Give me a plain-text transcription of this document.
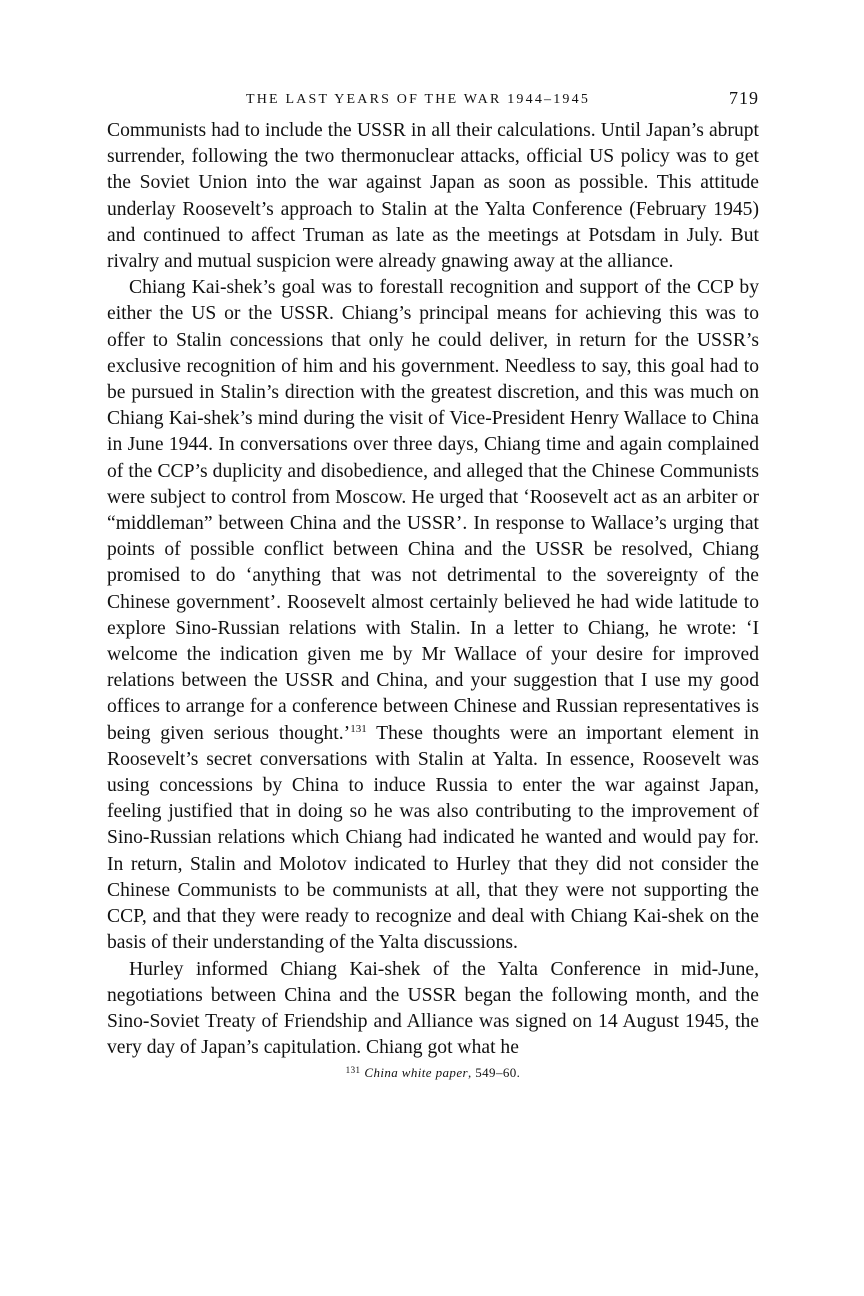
THE LAST YEARS OF THE WAR 1944–1945	719

Communists had to include the USSR in all their calculations. Until Japan’s abrupt surrender, following the two thermonuclear attacks, official US policy was to get the Soviet Union into the war against Japan as soon as possible. This attitude underlay Roosevelt’s approach to Stalin at the Yalta Conference (February 1945) and continued to affect Truman as late as the meetings at Potsdam in July. But rivalry and mutual suspicion were already gnawing away at the alliance.

Chiang Kai-shek’s goal was to forestall recognition and support of the CCP by either the US or the USSR. Chiang’s principal means for achieving this was to offer to Stalin concessions that only he could deliver, in return for the USSR’s exclusive recognition of him and his government. Needless to say, this goal had to be pursued in Stalin’s direction with the greatest discretion, and this was much on Chiang Kai-shek’s mind during the visit of Vice-President Henry Wallace to China in June 1944. In conversations over three days, Chiang time and again complained of the CCP’s duplicity and disobedience, and alleged that the Chinese Communists were subject to control from Moscow. He urged that ‘Roosevelt act as an arbiter or “middleman” between China and the USSR’. In response to Wallace’s urging that points of possible conflict between China and the USSR be resolved, Chiang promised to do ‘anything that was not detrimental to the sovereignty of the Chinese government’. Roosevelt almost certainly believed he had wide latitude to explore Sino-Russian relations with Stalin. In a letter to Chiang, he wrote: ‘I welcome the indication given me by Mr Wallace of your desire for improved relations between the USSR and China, and your suggestion that I use my good offices to arrange for a conference between Chinese and Russian representatives is being given serious thought.’$^{131}$ These thoughts were an important element in Roosevelt’s secret conversations with Stalin at Yalta. In essence, Roosevelt was using concessions by China to induce Russia to enter the war against Japan, feeling justified that in doing so he was also contributing to the improvement of Sino-Russian relations which Chiang had indicated he wanted and would pay for. In return, Stalin and Molotov indicated to Hurley that they did not consider the Chinese Communists to be communists at all, that they were not supporting the CCP, and that they were ready to recognize and deal with Chiang Kai-shek on the basis of their understanding of the Yalta discussions.

Hurley informed Chiang Kai-shek of the Yalta Conference in mid-June, negotiations between China and the USSR began the following month, and the Sino-Soviet Treaty of Friendship and Alliance was signed on 14 August 1945, the very day of Japan’s capitulation. Chiang got what he

$^{131}$ China white paper, 549–60.
